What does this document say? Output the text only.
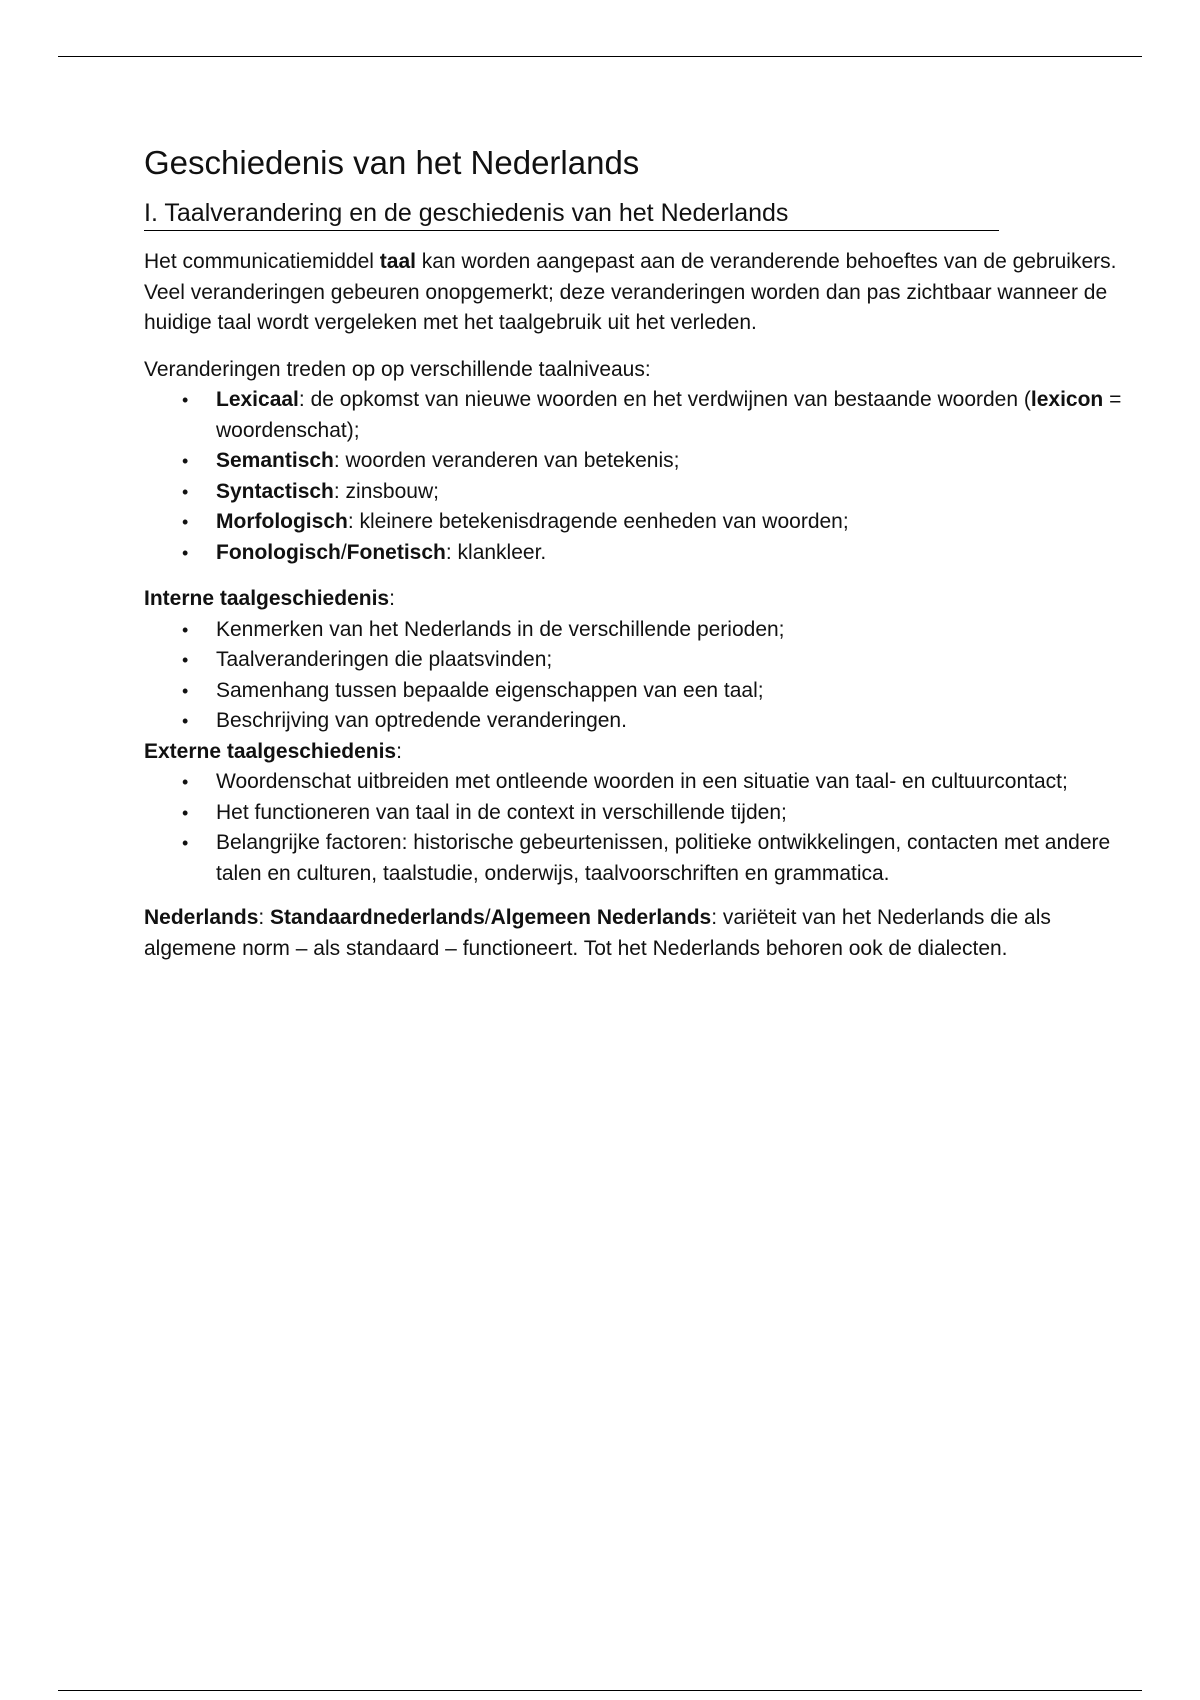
Geschiedenis van het Nederlands
I. Taalverandering en de geschiedenis van het Nederlands

Het communicatiemiddel taal kan worden aangepast aan de veranderende behoeftes van de gebruikers. Veel veranderingen gebeuren onopgemerkt; deze veranderingen worden dan pas zichtbaar wanneer de huidige taal wordt vergeleken met het taalgebruik uit het verleden.

Veranderingen treden op op verschillende taalniveaus:

• Lexicaal: de opkomst van nieuwe woorden en het verdwijnen van bestaande woorden (lexicon = woordenschat);
• Semantisch: woorden veranderen van betekenis;
• Syntactisch: zinsbouw;
• Morfologisch: kleinere betekenisdragende eenheden van woorden;
• Fonologisch/Fonetisch: klankleer.

Interne taalgeschiedenis:

• Kenmerken van het Nederlands in de verschillende perioden;
• Taalveranderingen die plaatsvinden;
• Samenhang tussen bepaalde eigenschappen van een taal;
• Beschrijving van optredende veranderingen.

Externe taalgeschiedenis:

• Woordenschat uitbreiden met ontleende woorden in een situatie van taal- en cultuurcontact;
• Het functioneren van taal in de context in verschillende tijden;
• Belangrijke factoren: historische gebeurtenissen, politieke ontwikkelingen, contacten met andere talen en culturen, taalstudie, onderwijs, taalvoorschriften en grammatica.

Nederlands: Standaardnederlands/Algemeen Nederlands: variëteit van het Nederlands die als algemene norm – als standaard – functioneert. Tot het Nederlands behoren ook de dialecten.
